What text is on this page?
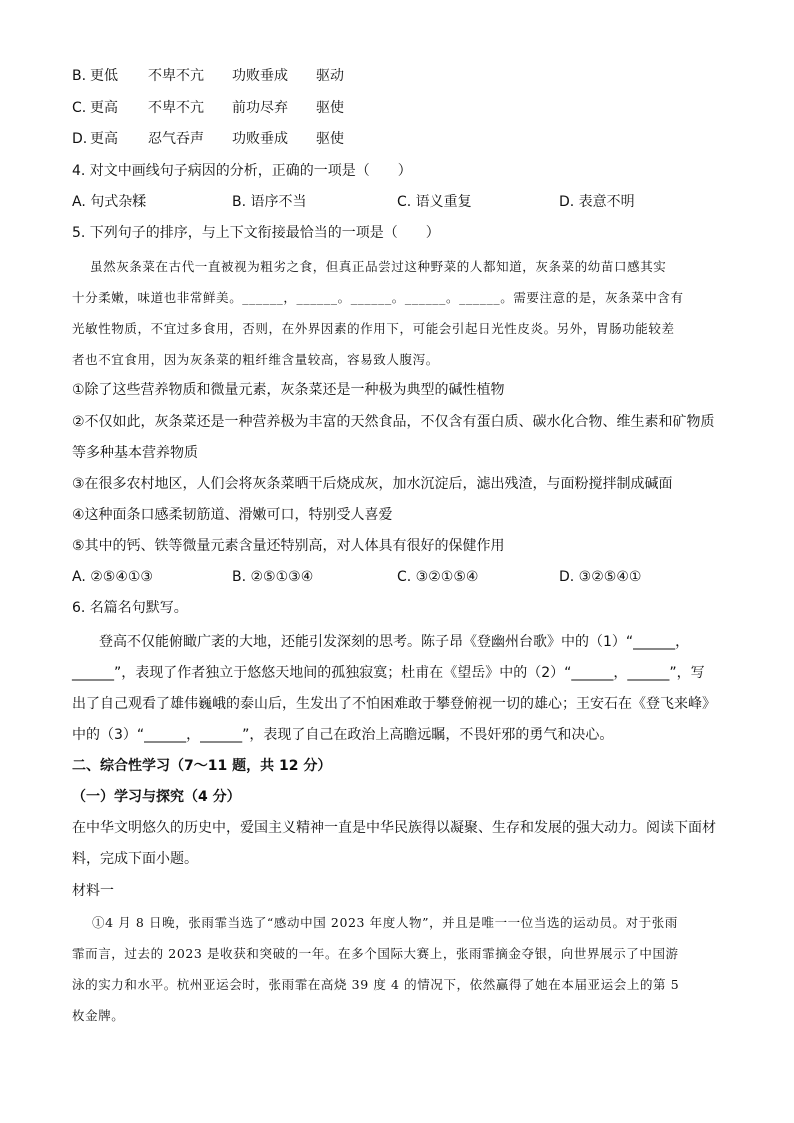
B. 更低 不卑不亢 功败垂成 驱动
C. 更高 不卑不亢 前功尽弃 驱使
D. 更高 忍气吞声 功败垂成 驱使
4. 对文中画线句子病因的分析，正确的一项是（　　）
A. 句式杂糅	B. 语序不当	C. 语义重复	D. 表意不明
5. 下列句子的排序，与上下文衔接最恰当的一项是（　　）
虽然灰条菜在古代一直被视为粗劣之食，但真正品尝过这种野菜的人都知道，灰条菜的幼苗口感其实
十分柔嫩，味道也非常鲜美。______，______。______。______。______。需要注意的是，灰条菜中含有
光敏性物质，不宜过多食用，否则，在外界因素的作用下，可能会引起日光性皮炎。另外，胃肠功能较差
者也不宜食用，因为灰条菜的粗纤维含量较高，容易致人腹泻。
①除了这些营养物质和微量元素，灰条菜还是一种极为典型的碱性植物
②不仅如此，灰条菜还是一种营养极为丰富的天然食品，不仅含有蛋白质、碳水化合物、维生素和矿物质
等多种基本营养物质
③在很多农村地区，人们会将灰条菜晒干后烧成灰，加水沉淀后，滤出残渣，与面粉搅拌制成碱面
④这种面条口感柔韧筋道、滑嫩可口，特别受人喜爱
⑤其中的钙、铁等微量元素含量还特别高，对人体具有很好的保健作用
A. ②⑤④①③	B. ②⑤①③④	C. ③②①⑤④	D. ③②⑤④①
6. 名篇名句默写。
登高不仅能俯瞰广袤的大地，还能引发深刻的思考。陈子昂《登幽州台歌》中的（1）“______，
______”，表现了作者独立于悠悠天地间的孤独寂寞；杜甫在《望岳》中的（2）“______，______”，写
出了自己观看了雄伟巍峨的泰山后，生发出了不怕困难敢于攀登俯视一切的雄心；王安石在《登飞来峰》
中的（3）“______，______”，表现了自己在政治上高瞻远瞩，不畏奸邪的勇气和决心。
二、综合性学习（7～11 题，共 12 分）
（一）学习与探究（4 分）
在中华文明悠久的历史中，爱国主义精神一直是中华民族得以凝聚、生存和发展的强大动力。阅读下面材
料，完成下面小题。
材料一
①4 月 8 日晚，张雨霏当选了“感动中国 2023 年度人物”，并且是唯一一位当选的运动员。对于张雨
霏而言，过去的 2023 是收获和突破的一年。在多个国际大赛上，张雨霏摘金夺银，向世界展示了中国游
泳的实力和水平。杭州亚运会时，张雨霏在高烧 39 度 4 的情况下，依然赢得了她在本届亚运会上的第 5
枚金牌。
